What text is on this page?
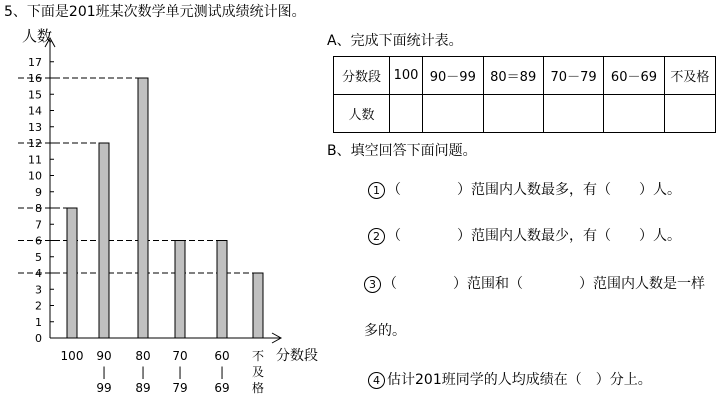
5、下面是201班某次数学单元测试成绩统计图。
0
1
2
3
4
5
6
7
8
9
10
11
12
13
14
15
16
17
100 90
|
99
80
|
89
70
|
79
60
|
69
不
及
格
人数
分数段
A、完成下面统计表。
分数段	100	90－99	80＝89	70－79	60－69	不及格
人数						
B、填空回答下面问题。
1 （　　　　）范围内人数最多，有（　　）人。
2 （　　　　）范围内人数最少，有（　　）人。
3 （　　　　）范围和（　　　　）范围内人数是一样
多的。
4 估计201班同学的人均成绩在（　）分上。
